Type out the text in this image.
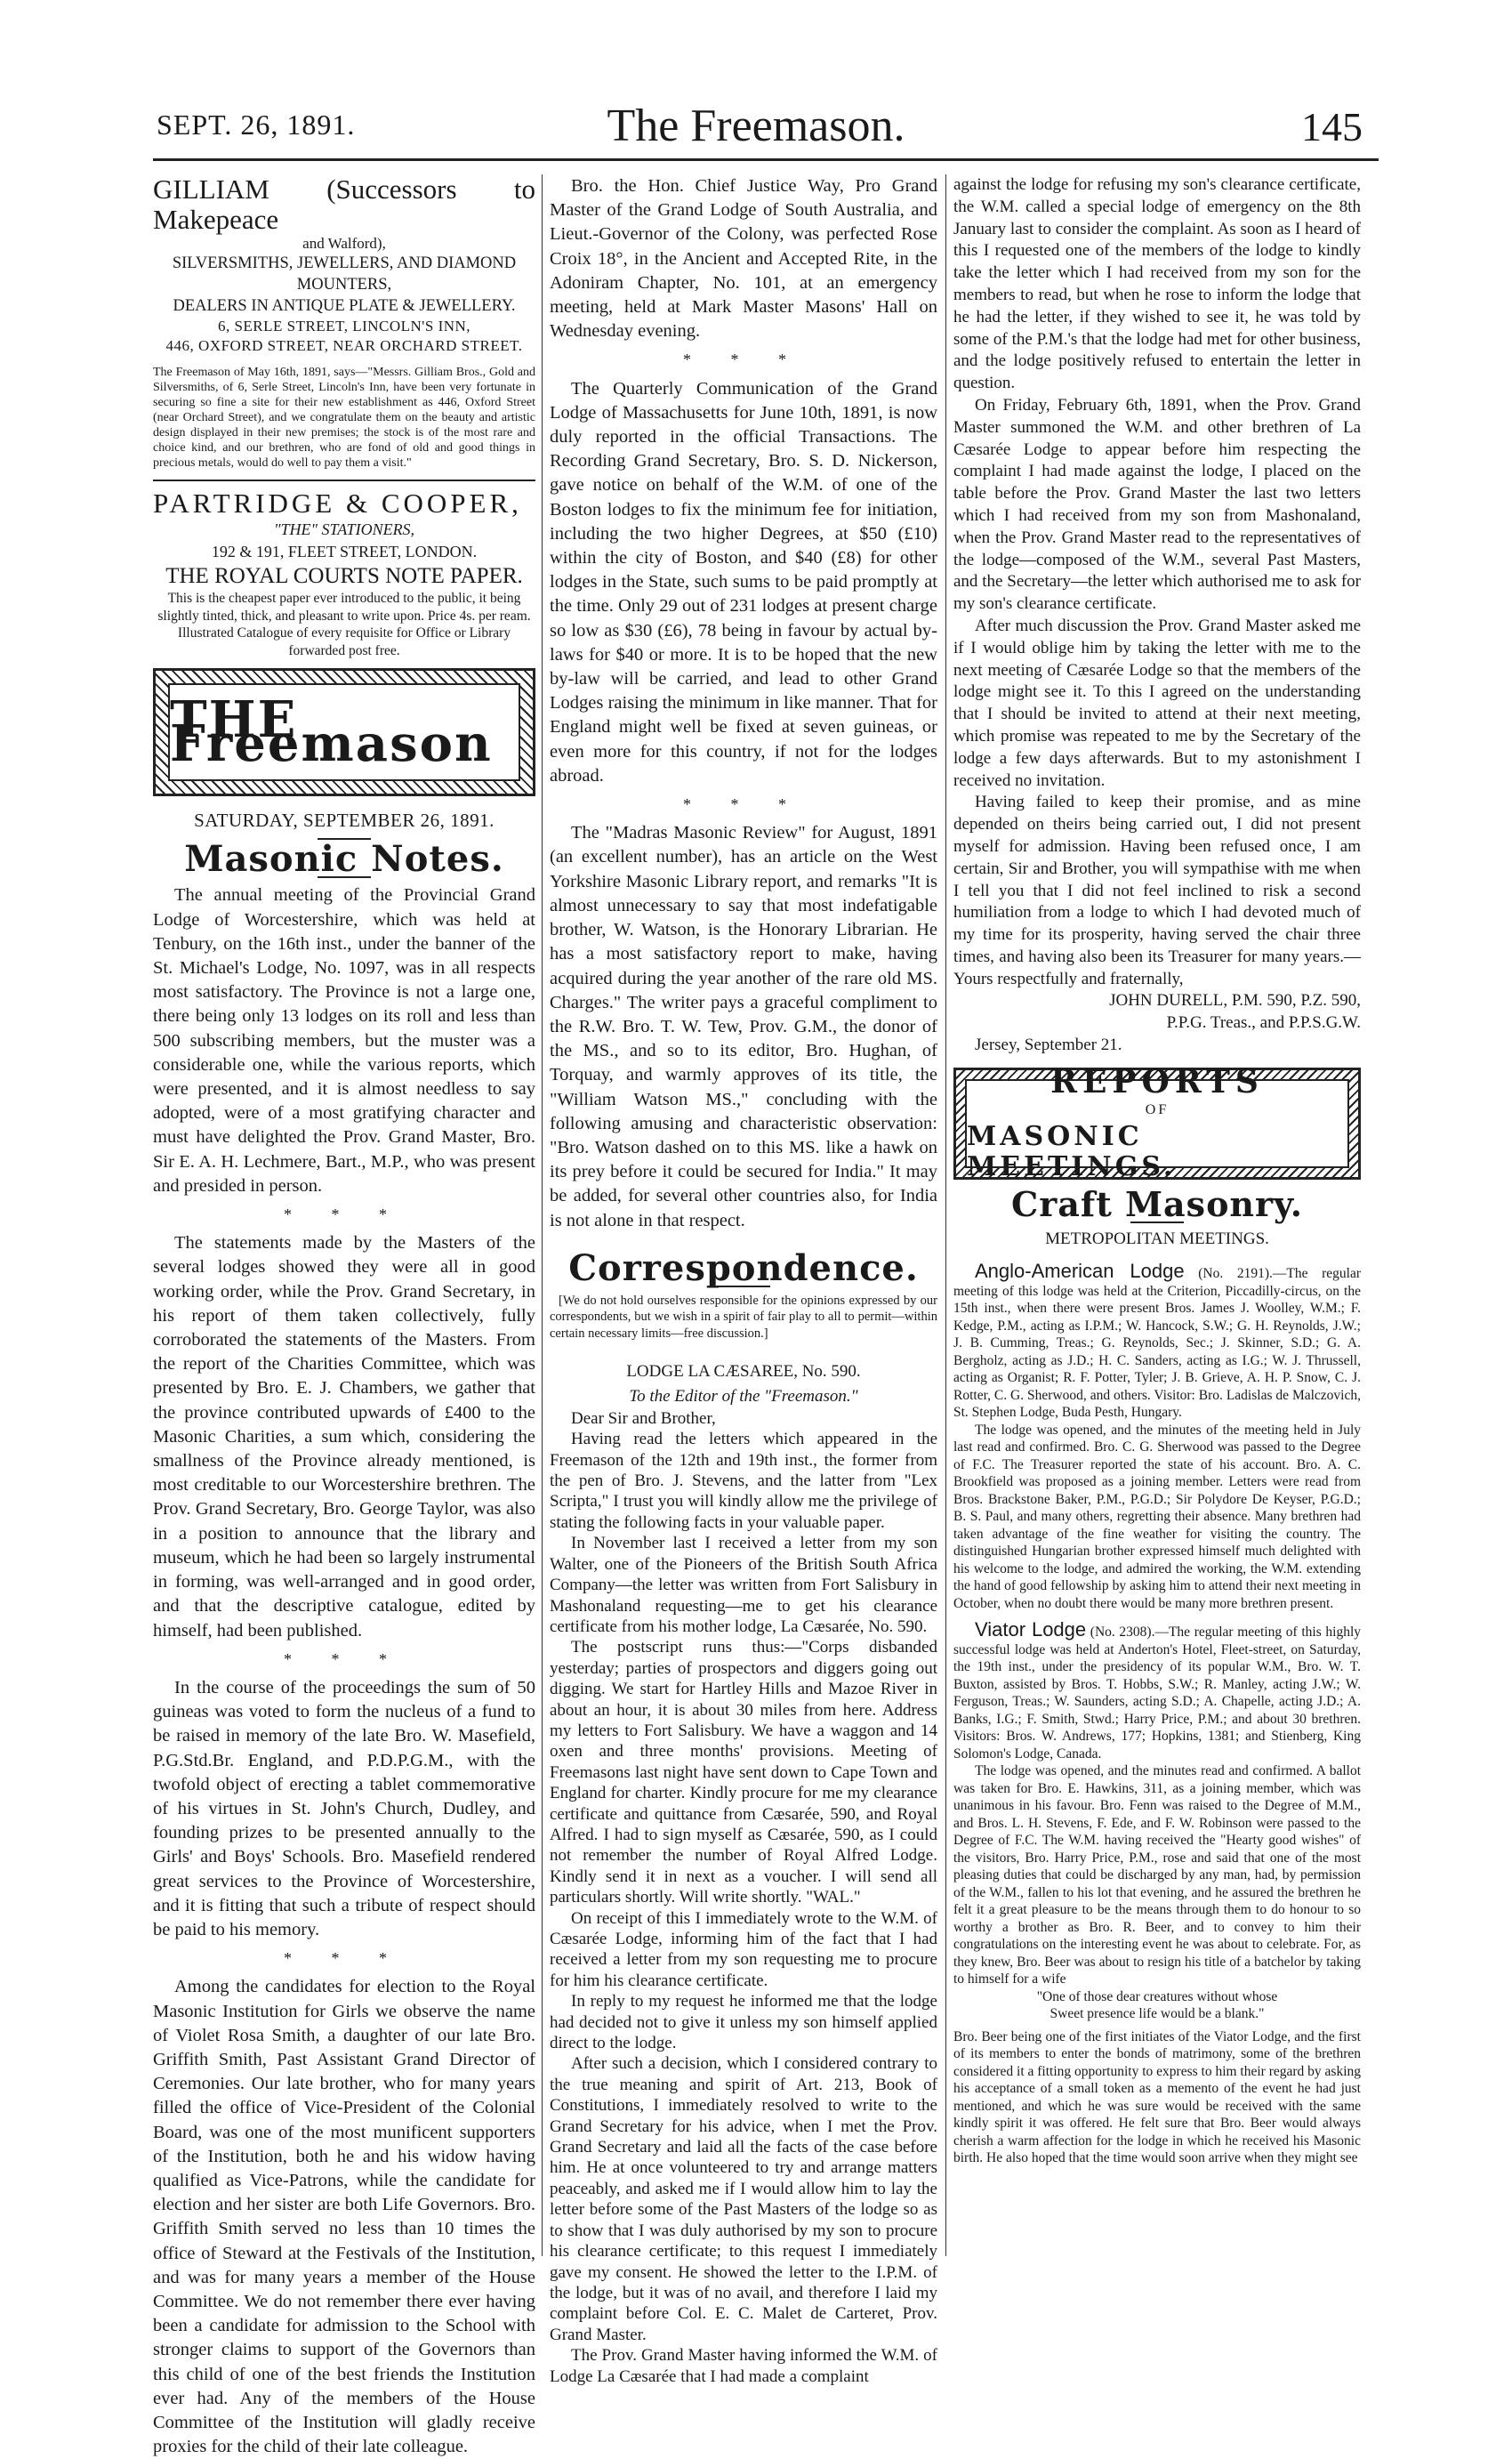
SEPT. 26, 1891.	The Freemason.	145

GILLIAM (Successors to Makepeace

and Walford),

SILVERSMITHS, JEWELLERS, AND DIAMOND

MOUNTERS,

DEALERS IN ANTIQUE PLATE & JEWELLERY.

6, SERLE STREET, LINCOLN'S INN,

446, OXFORD STREET, NEAR ORCHARD STREET.

The Freemason of May 16th, 1891, says—"Messrs. Gilliam Bros., Gold and Silversmiths, of 6, Serle Street, Lincoln's Inn, have been very fortunate in securing so fine a site for their new establishment as 446, Oxford Street (near Orchard Street), and we congratulate them on the beauty and artistic design displayed in their new premises; the stock is of the most rare and choice kind, and our brethren, who are fond of old and good things in precious metals, would do well to pay them a visit."

PARTRIDGE & COOPER,

"THE" STATIONERS,

192 & 191, FLEET STREET, LONDON.

THE ROYAL COURTS NOTE PAPER.

This is the cheapest paper ever introduced to the public, it being slightly tinted, thick, and pleasant to write upon. Price 4s. per ream.

Illustrated Catalogue of every requisite for Office or Library forwarded post free.

THE Freemason

SATURDAY, SEPTEMBER 26, 1891.

Masonic Notes.

The annual meeting of the Provincial Grand Lodge of Worcestershire, which was held at Tenbury, on the 16th inst., under the banner of the St. Michael's Lodge, No. 1097, was in all respects most satisfactory. The Province is not a large one, there being only 13 lodges on its roll and less than 500 subscribing members, but the muster was a considerable one, while the various reports, which were presented, and it is almost needless to say adopted, were of a most gratifying character and must have delighted the Prov. Grand Master, Bro. Sir E. A. H. Lechmere, Bart., M.P., who was present and presided in person.

* * *

The statements made by the Masters of the several lodges showed they were all in good working order, while the Prov. Grand Secretary, in his report of them taken collectively, fully corroborated the statements of the Masters. From the report of the Charities Committee, which was presented by Bro. E. J. Chambers, we gather that the province contributed upwards of £400 to the Masonic Charities, a sum which, considering the smallness of the Province already mentioned, is most creditable to our Worcestershire brethren. The Prov. Grand Secretary, Bro. George Taylor, was also in a position to announce that the library and museum, which he had been so largely instrumental in forming, was well-arranged and in good order, and that the descriptive catalogue, edited by himself, had been published.

* * *

In the course of the proceedings the sum of 50 guineas was voted to form the nucleus of a fund to be raised in memory of the late Bro. W. Masefield, P.G.Std.Br. England, and P.D.P.G.M., with the twofold object of erecting a tablet commemorative of his virtues in St. John's Church, Dudley, and founding prizes to be presented annually to the Girls' and Boys' Schools. Bro. Masefield rendered great services to the Province of Worcestershire, and it is fitting that such a tribute of respect should be paid to his memory.

* * *

Among the candidates for election to the Royal Masonic Institution for Girls we observe the name of Violet Rosa Smith, a daughter of our late Bro. Griffith Smith, Past Assistant Grand Director of Ceremonies. Our late brother, who for many years filled the office of Vice-President of the Colonial Board, was one of the most munificent supporters of the Institution, both he and his widow having qualified as Vice-Patrons, while the candidate for election and her sister are both Life Governors. Bro. Griffith Smith served no less than 10 times the office of Steward at the Festivals of the Institution, and was for many years a member of the House Committee. We do not remember there ever having been a candidate for admission to the School with stronger claims to support of the Governors than this child of one of the best friends the Institution ever had. Any of the members of the House Committee of the Institution will gladly receive proxies for the child of their late colleague.

Bro. the Hon. Chief Justice Way, Pro Grand Master of the Grand Lodge of South Australia, and Lieut.-Governor of the Colony, was perfected Rose Croix 18°, in the Ancient and Accepted Rite, in the Adoniram Chapter, No. 101, at an emergency meeting, held at Mark Master Masons' Hall on Wednesday evening.

* * *

The Quarterly Communication of the Grand Lodge of Massachusetts for June 10th, 1891, is now duly reported in the official Transactions. The Recording Grand Secretary, Bro. S. D. Nickerson, gave notice on behalf of the W.M. of one of the Boston lodges to fix the minimum fee for initiation, including the two higher Degrees, at $50 (£10) within the city of Boston, and $40 (£8) for other lodges in the State, such sums to be paid promptly at the time. Only 29 out of 231 lodges at present charge so low as $30 (£6), 78 being in favour by actual by-laws for $40 or more. It is to be hoped that the new by-law will be carried, and lead to other Grand Lodges raising the minimum in like manner. That for England might well be fixed at seven guineas, or even more for this country, if not for the lodges abroad.

* * *

The "Madras Masonic Review" for August, 1891 (an excellent number), has an article on the West Yorkshire Masonic Library report, and remarks "It is almost unnecessary to say that most indefatigable brother, W. Watson, is the Honorary Librarian. He has a most satisfactory report to make, having acquired during the year another of the rare old MS. Charges." The writer pays a graceful compliment to the R.W. Bro. T. W. Tew, Prov. G.M., the donor of the MS., and so to its editor, Bro. Hughan, of Torquay, and warmly approves of its title, the "William Watson MS.," concluding with the following amusing and characteristic observation: "Bro. Watson dashed on to this MS. like a hawk on its prey before it could be secured for India." It may be added, for several other countries also, for India is not alone in that respect.

Correspondence.

[We do not hold ourselves responsible for the opinions expressed by our correspondents, but we wish in a spirit of fair play to all to permit—within certain necessary limits—free discussion.]

LODGE LA CÆSAREE, No. 590.

To the Editor of the "Freemason."

Dear Sir and Brother,

Having read the letters which appeared in the Freemason of the 12th and 19th inst., the former from the pen of Bro. J. Stevens, and the latter from "Lex Scripta," I trust you will kindly allow me the privilege of stating the following facts in your valuable paper.

In November last I received a letter from my son Walter, one of the Pioneers of the British South Africa Company—the letter was written from Fort Salisbury in Mashonaland requesting—me to get his clearance certificate from his mother lodge, La Cæsarée, No. 590.

The postscript runs thus:—"Corps disbanded yesterday; parties of prospectors and diggers going out digging. We start for Hartley Hills and Mazoe River in about an hour, it is about 30 miles from here. Address my letters to Fort Salisbury. We have a waggon and 14 oxen and three months' provisions. Meeting of Freemasons last night have sent down to Cape Town and England for charter. Kindly procure for me my clearance certificate and quittance from Cæsarée, 590, and Royal Alfred. I had to sign myself as Cæsarée, 590, as I could not remember the number of Royal Alfred Lodge. Kindly send it in next as a voucher. I will send all particulars shortly. Will write shortly. "WAL."

On receipt of this I immediately wrote to the W.M. of Cæsarée Lodge, informing him of the fact that I had received a letter from my son requesting me to procure for him his clearance certificate.

In reply to my request he informed me that the lodge had decided not to give it unless my son himself applied direct to the lodge.

After such a decision, which I considered contrary to the true meaning and spirit of Art. 213, Book of Constitutions, I immediately resolved to write to the Grand Secretary for his advice, when I met the Prov. Grand Secretary and laid all the facts of the case before him. He at once volunteered to try and arrange matters peaceably, and asked me if I would allow him to lay the letter before some of the Past Masters of the lodge so as to show that I was duly authorised by my son to procure his clearance certificate; to this request I immediately gave my consent. He showed the letter to the I.P.M. of the lodge, but it was of no avail, and therefore I laid my complaint before Col. E. C. Malet de Carteret, Prov. Grand Master.

The Prov. Grand Master having informed the W.M. of Lodge La Cæsarée that I had made a complaint

against the lodge for refusing my son's clearance certificate, the W.M. called a special lodge of emergency on the 8th January last to consider the complaint. As soon as I heard of this I requested one of the members of the lodge to kindly take the letter which I had received from my son for the members to read, but when he rose to inform the lodge that he had the letter, if they wished to see it, he was told by some of the P.M.'s that the lodge had met for other business, and the lodge positively refused to entertain the letter in question.

On Friday, February 6th, 1891, when the Prov. Grand Master summoned the W.M. and other brethren of La Cæsarée Lodge to appear before him respecting the complaint I had made against the lodge, I placed on the table before the Prov. Grand Master the last two letters which I had received from my son from Mashonaland, when the Prov. Grand Master read to the representatives of the lodge—composed of the W.M., several Past Masters, and the Secretary—the letter which authorised me to ask for my son's clearance certificate.

After much discussion the Prov. Grand Master asked me if I would oblige him by taking the letter with me to the next meeting of Cæsarée Lodge so that the members of the lodge might see it. To this I agreed on the understanding that I should be invited to attend at their next meeting, which promise was repeated to me by the Secretary of the lodge a few days afterwards. But to my astonishment I received no invitation.

Having failed to keep their promise, and as mine depended on theirs being carried out, I did not present myself for admission. Having been refused once, I am certain, Sir and Brother, you will sympathise with me when I tell you that I did not feel inclined to risk a second humiliation from a lodge to which I had devoted much of my time for its prosperity, having served the chair three times, and having also been its Treasurer for many years.—Yours respectfully and fraternally,

JOHN DURELL, P.M. 590, P.Z. 590,

P.P.G. Treas., and P.P.S.G.W.

Jersey, September 21.

REPORTS
OF
MASONIC MEETINGS.

Craft Masonry.

METROPOLITAN MEETINGS.

Anglo-American Lodge (No. 2191).—The regular meeting of this lodge was held at the Criterion, Piccadilly-circus, on the 15th inst., when there were present Bros. James J. Woolley, W.M.; F. Kedge, P.M., acting as I.P.M.; W. Hancock, S.W.; G. H. Reynolds, J.W.; J. B. Cumming, Treas.; G. Reynolds, Sec.; J. Skinner, S.D.; G. A. Bergholz, acting as J.D.; H. C. Sanders, acting as I.G.; W. J. Thrussell, acting as Organist; R. F. Potter, Tyler; J. B. Grieve, A. H. P. Snow, C. J. Rotter, C. G. Sherwood, and others. Visitor: Bro. Ladislas de Malczovich, St. Stephen Lodge, Buda Pesth, Hungary.

The lodge was opened, and the minutes of the meeting held in July last read and confirmed. Bro. C. G. Sherwood was passed to the Degree of F.C. The Treasurer reported the state of his account. Bro. A. C. Brookfield was proposed as a joining member. Letters were read from Bros. Brackstone Baker, P.M., P.G.D.; Sir Polydore De Keyser, P.G.D.; B. S. Paul, and many others, regretting their absence. Many brethren had taken advantage of the fine weather for visiting the country. The distinguished Hungarian brother expressed himself much delighted with his welcome to the lodge, and admired the working, the W.M. extending the hand of good fellowship by asking him to attend their next meeting in October, when no doubt there would be many more brethren present.

Viator Lodge (No. 2308).—The regular meeting of this highly successful lodge was held at Anderton's Hotel, Fleet-street, on Saturday, the 19th inst., under the presidency of its popular W.M., Bro. W. T. Buxton, assisted by Bros. T. Hobbs, S.W.; R. Manley, acting J.W.; W. Ferguson, Treas.; W. Saunders, acting S.D.; A. Chapelle, acting J.D.; A. Banks, I.G.; F. Smith, Stwd.; Harry Price, P.M.; and about 30 brethren. Visitors: Bros. W. Andrews, 177; Hopkins, 1381; and Stienberg, King Solomon's Lodge, Canada.

The lodge was opened, and the minutes read and confirmed. A ballot was taken for Bro. E. Hawkins, 311, as a joining member, which was unanimous in his favour. Bro. Fenn was raised to the Degree of M.M., and Bros. L. H. Stevens, F. Ede, and F. W. Robinson were passed to the Degree of F.C. The W.M. having received the "Hearty good wishes" of the visitors, Bro. Harry Price, P.M., rose and said that one of the most pleasing duties that could be discharged by any man, had, by permission of the W.M., fallen to his lot that evening, and he assured the brethren he felt it a great pleasure to be the means through them to do honour to so worthy a brother as Bro. R. Beer, and to convey to him their congratulations on the interesting event he was about to celebrate. For, as they knew, Bro. Beer was about to resign his title of a batchelor by taking to himself for a wife

"One of those dear creatures without whose

Sweet presence life would be a blank."

Bro. Beer being one of the first initiates of the Viator Lodge, and the first of its members to enter the bonds of matrimony, some of the brethren considered it a fitting opportunity to express to him their regard by asking his acceptance of a small token as a memento of the event he had just mentioned, and which he was sure would be received with the same kindly spirit it was offered. He felt sure that Bro. Beer would always cherish a warm affection for the lodge in which he received his Masonic birth. He also hoped that the time would soon arrive when they might see
